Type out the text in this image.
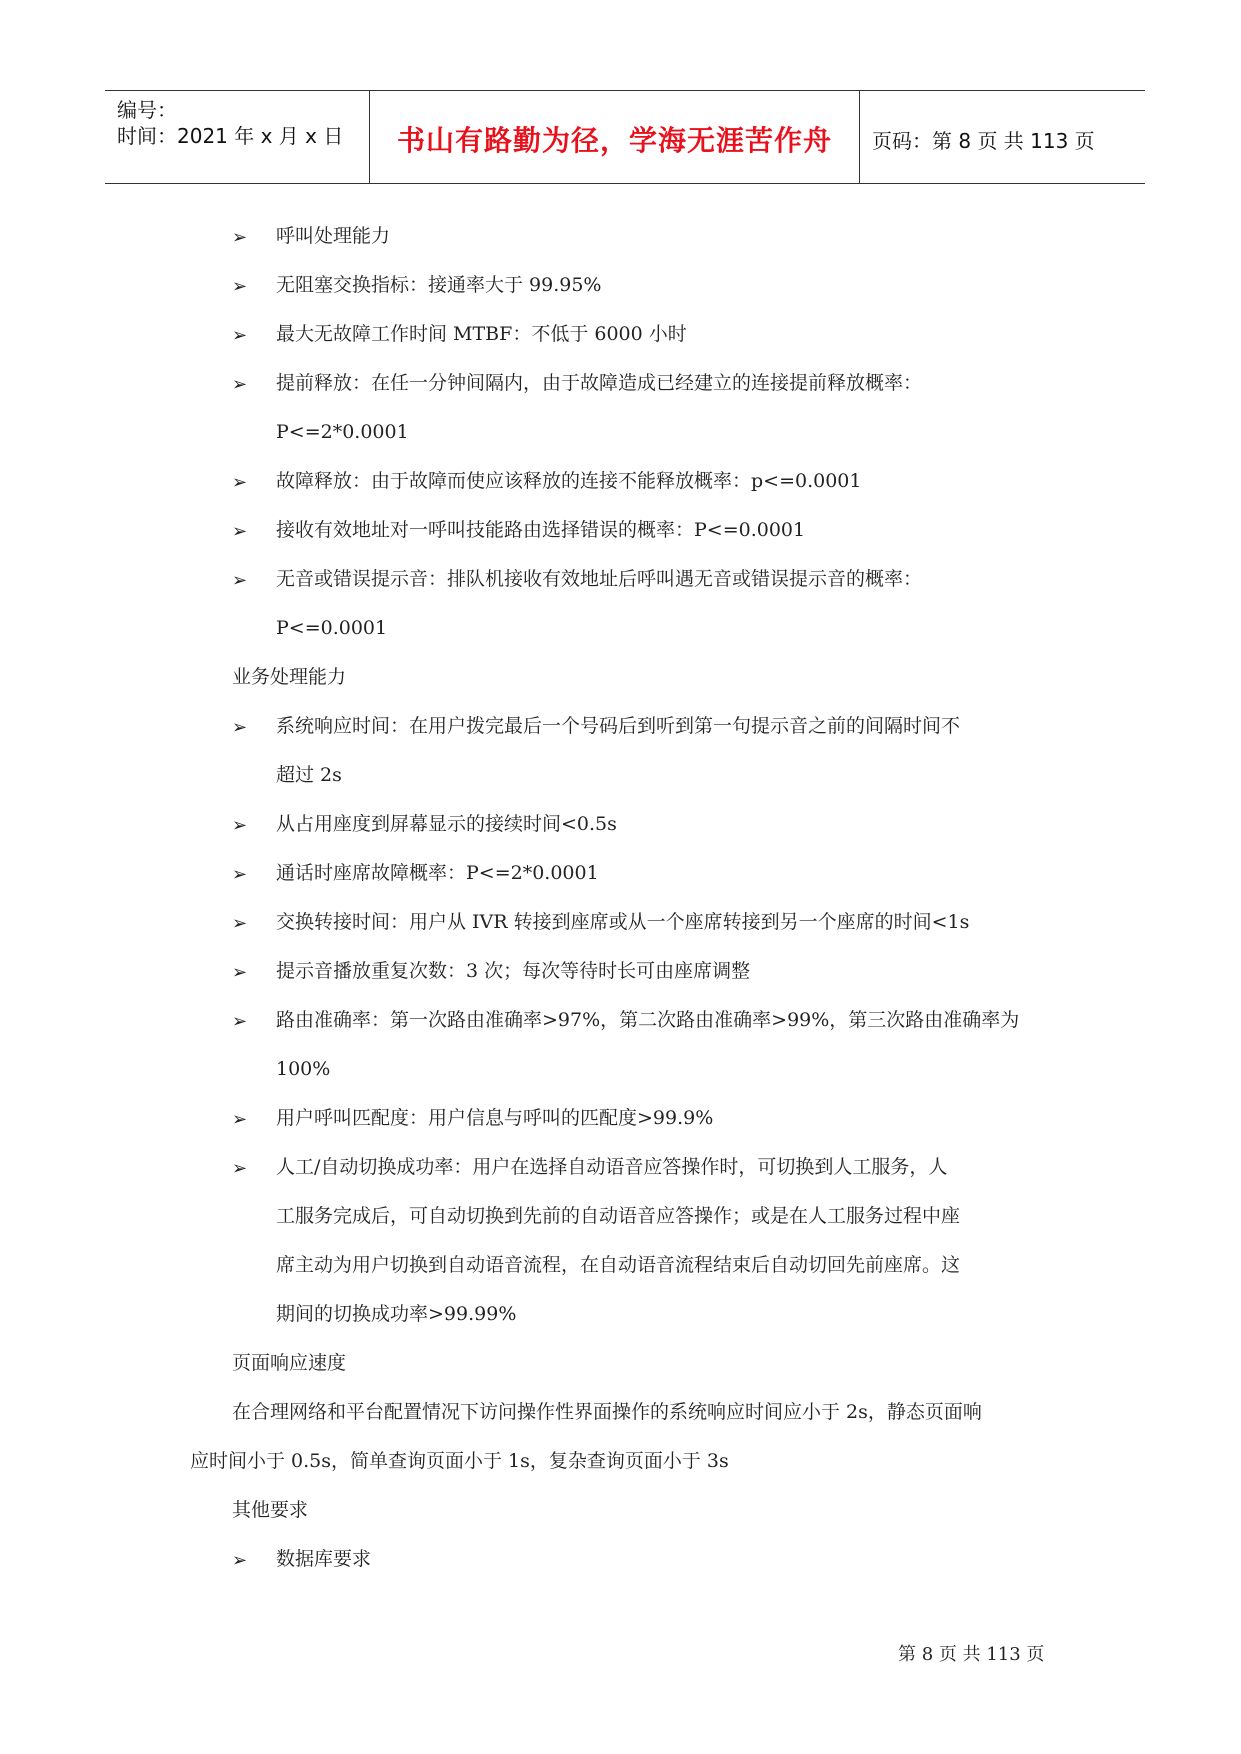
编号：
时间：2021 年 x 月 x 日 书山有路勤为径，学海无涯苦作舟 页码：第 8 页 共 113 页
➢ 呼叫处理能力
➢ 无阻塞交换指标：接通率大于 99.95%
➢ 最大无故障工作时间 MTBF：不低于 6000 小时
➢ 提前释放：在任一分钟间隔内，由于故障造成已经建立的连接提前释放概率：
P<=2*0.0001
➢ 故障释放：由于故障而使应该释放的连接不能释放概率：p<=0.0001
➢ 接收有效地址对一呼叫技能路由选择错误的概率：P<=0.0001
➢ 无音或错误提示音：排队机接收有效地址后呼叫遇无音或错误提示音的概率：
P<=0.0001
业务处理能力
➢ 系统响应时间：在用户拨完最后一个号码后到听到第一句提示音之前的间隔时间不
超过 2s
➢ 从占用座度到屏幕显示的接续时间<0.5s
➢ 通话时座席故障概率：P<=2*0.0001
➢ 交换转接时间：用户从 IVR 转接到座席或从一个座席转接到另一个座席的时间<1s
➢ 提示音播放重复次数：3 次；每次等待时长可由座席调整
➢ 路由准确率：第一次路由准确率>97%，第二次路由准确率>99%，第三次路由准确率为
100%
➢ 用户呼叫匹配度：用户信息与呼叫的匹配度>99.9%
➢ 人工/自动切换成功率：用户在选择自动语音应答操作时，可切换到人工服务，人
工服务完成后，可自动切换到先前的自动语音应答操作；或是在人工服务过程中座
席主动为用户切换到自动语音流程，在自动语音流程结束后自动切回先前座席。这
期间的切换成功率>99.99%
页面响应速度
在合理网络和平台配置情况下访问操作性界面操作的系统响应时间应小于 2s，静态页面响
应时间小于 0.5s，简单查询页面小于 1s，复杂查询页面小于 3s
其他要求
➢ 数据库要求
第 8 页 共 113 页
